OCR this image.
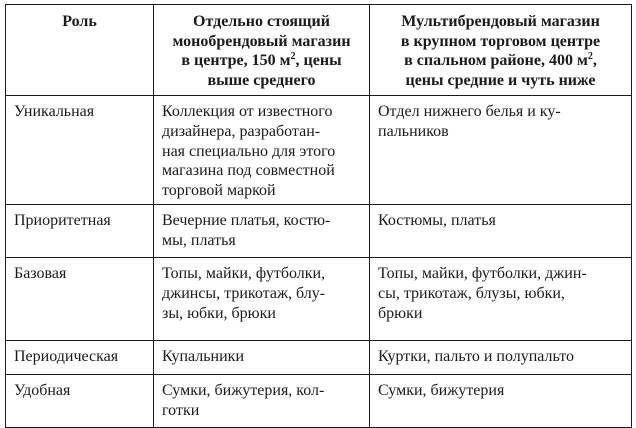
Роль	Отдельно стоящий
монобрендовый магазин
в центре, 150 $м^2$, цены
выше среднего	Мультибрендовый магазин
в крупном торговом центре
в спальном районе, 400 $м^2$,
цены средние и чуть ниже

Уникальная	Коллекция от известного
дизайнера, разработан-
ная специально для этого
магазина под совместной
торговой маркой	Отдел нижнего белья и ку-
пальников
Приоритетная	Вечерние платья, костю-
мы, платья	Костюмы, платья
Базовая	Топы, майки, футболки,
джинсы, трикотаж, блу-
зы, юбки, брюки	Топы, майки, футболки, джин-
сы, трикотаж, блузы, юбки,
брюки
Периодическая	Купальники	Куртки, пальто и полупальто
Удобная	Сумки, бижутерия, кол-
готки	Сумки, бижутерия
